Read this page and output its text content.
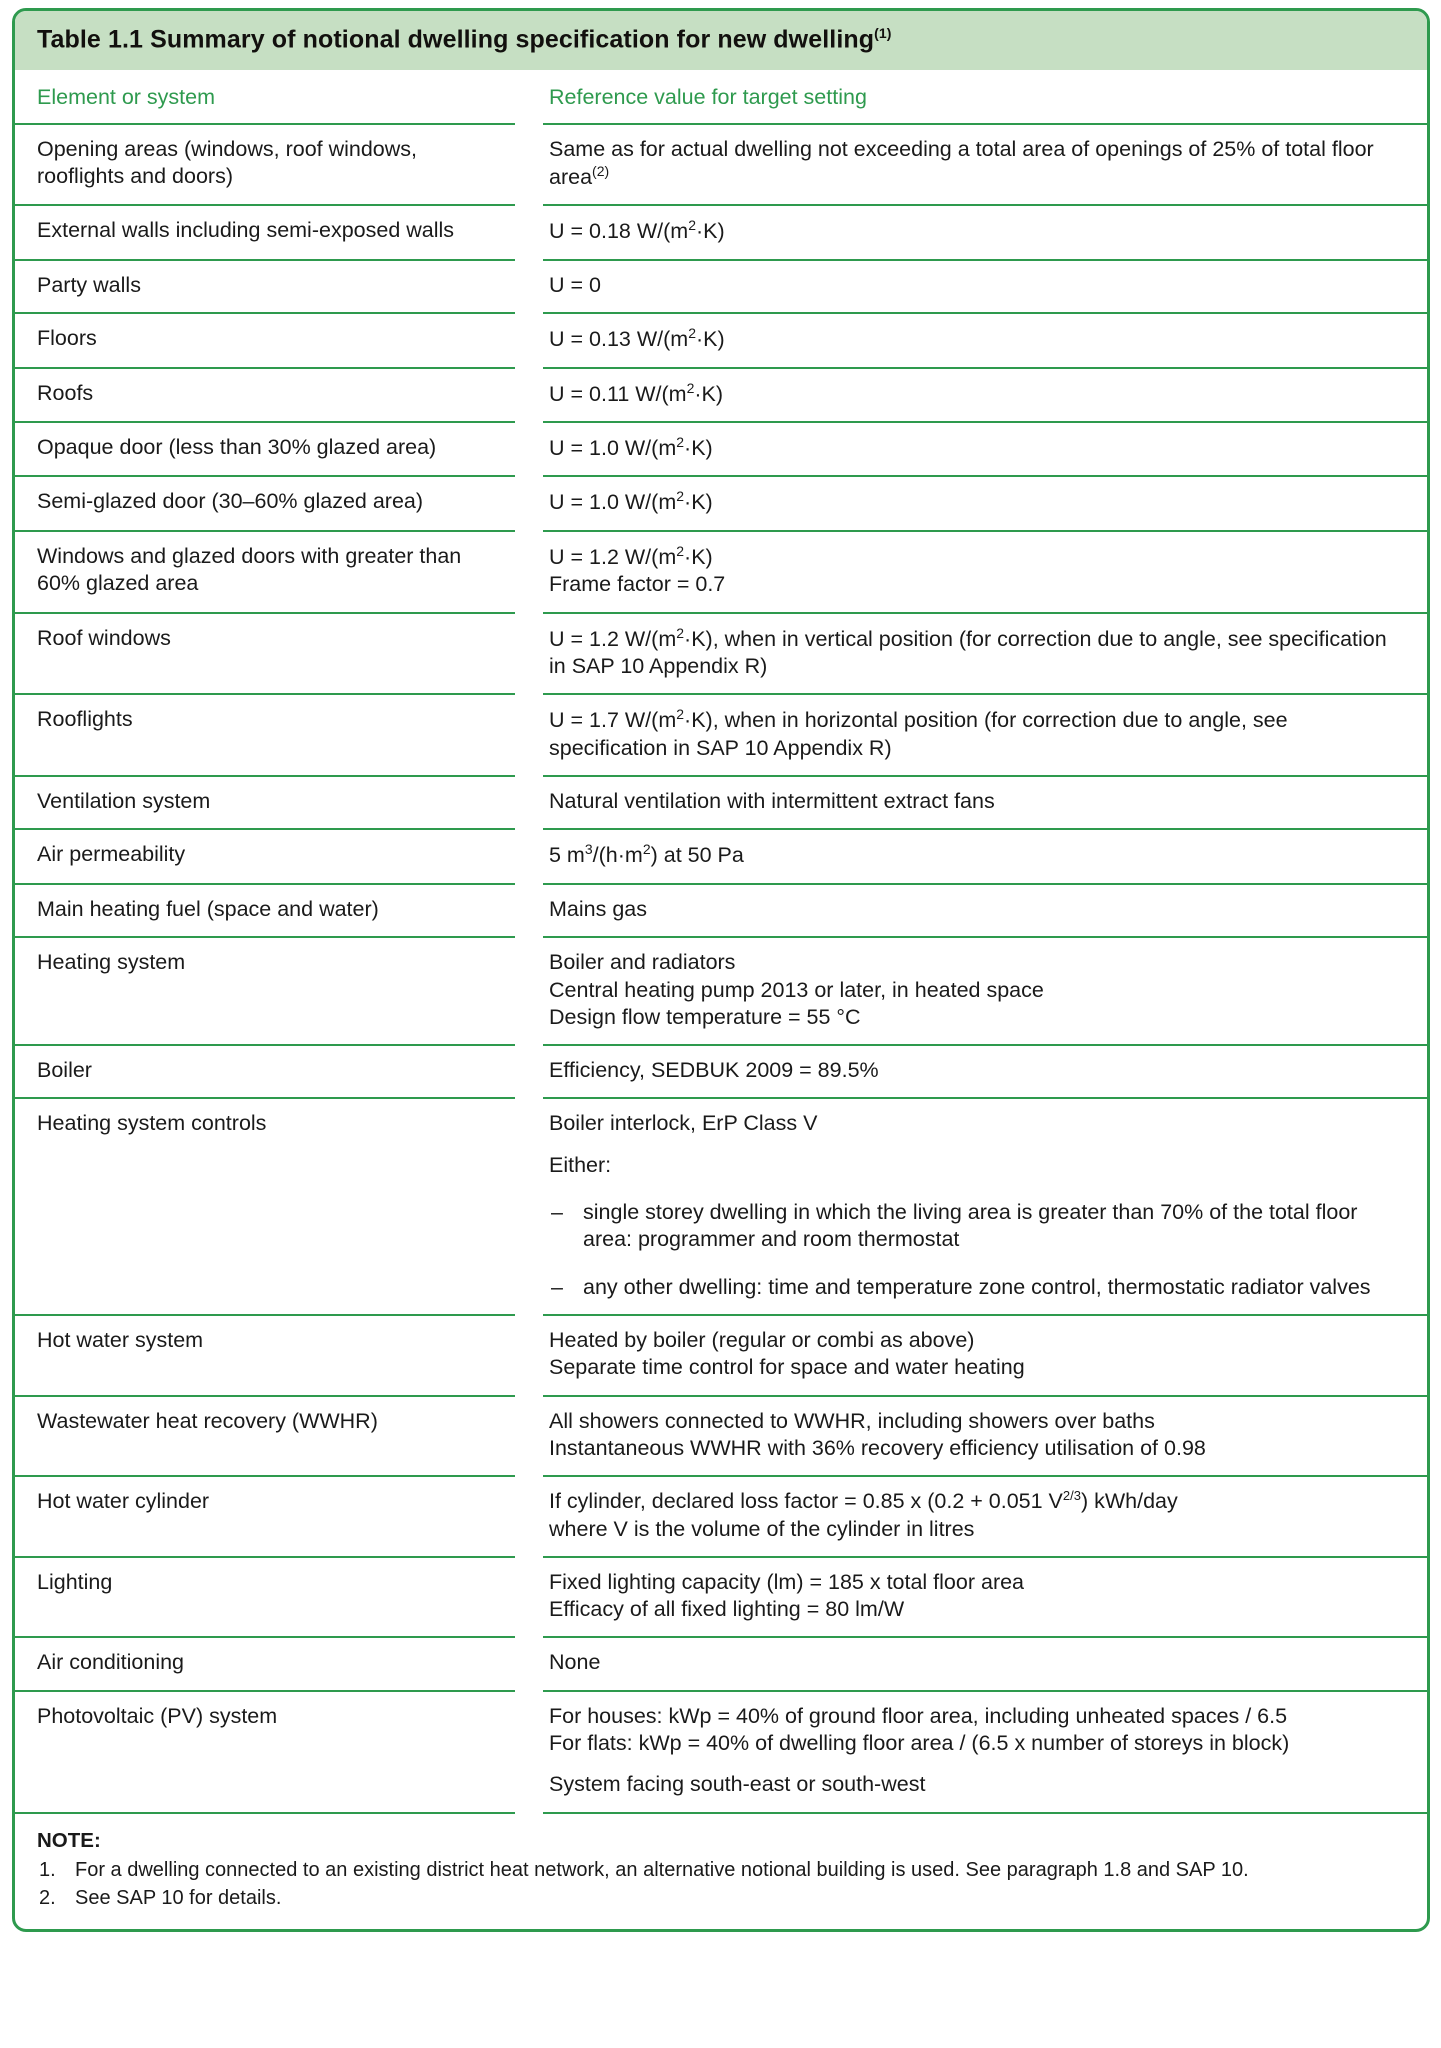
Table 1.1 Summary of notional dwelling specification for new dwelling$^{(1)}$
Element or system		Reference value for target setting
Opening areas (windows, roof windows, rooflights and doors)		Same as for actual dwelling not exceeding a total area of openings of 25% of total floor area$^{(2)}$
External walls including semi-exposed walls		U = 0.18 $W/(m^2\cdot K)$

Party walls		U = 0

Floors		U = 0.13 $W/(m^2\cdot K)$

Roofs		U = 0.11 $W/(m^2\cdot K)$

Opaque door (less than 30% glazed area)		U = 1.0 $W/(m^2\cdot K)$

Semi-glazed door (30–60% glazed area)		U = 1.0 $W/(m^2\cdot K)$

Windows and glazed doors with greater than 60% glazed area		U = 1.2 $W/(m^2\cdot K)$
Frame factor = 0.7

Roof windows		U = 1.2 $W/(m^2\cdot K)$, when in vertical position (for correction due to angle, see specification in SAP 10 Appendix R)

Rooflights		U = 1.7 $W/(m^2\cdot K)$, when in horizontal position (for correction due to angle, see specification in SAP 10 Appendix R)

Ventilation system		Natural ventilation with intermittent extract fans

Air permeability		5 $m^3/(h\cdot m^2)$ at 50 Pa

Main heating fuel (space and water)		Mains gas

Heating system		Boiler and radiators
Central heating pump 2013 or later, in heated space
Design flow temperature = 55 °C

Boiler		Efficiency, SEDBUK 2009 = 89.5%

Heating system controls		Boiler interlock, ErP Class V
Either:
– single storey dwelling in which the living area is greater than 70% of the total floor area: programmer and room thermostat
– any other dwelling: time and temperature zone control, thermostatic radiator valves

Hot water system		Heated by boiler (regular or combi as above)
Separate time control for space and water heating

Wastewater heat recovery (WWHR)		All showers connected to WWHR, including showers over baths
Instantaneous WWHR with 36% recovery efficiency utilisation of 0.98

Hot water cylinder		If cylinder, declared loss factor = 0.85 x (0.2 + 0.051 $V^{2/3}$) kWh/day
where V is the volume of the cylinder in litres

Lighting		Fixed lighting capacity (lm) = 185 x total floor area
Efficacy of all fixed lighting = 80 lm/W

Air conditioning		None

Photovoltaic (PV) system		For houses: kWp = 40% of ground floor area, including unheated spaces / 6.5
For flats: kWp = 40% of dwelling floor area / (6.5 x number of storeys in block)
System facing south-east or south-west
NOTE:
1. For a dwelling connected to an existing district heat network, an alternative notional building is used. See paragraph 1.8 and SAP 10.
2. See SAP 10 for details.
